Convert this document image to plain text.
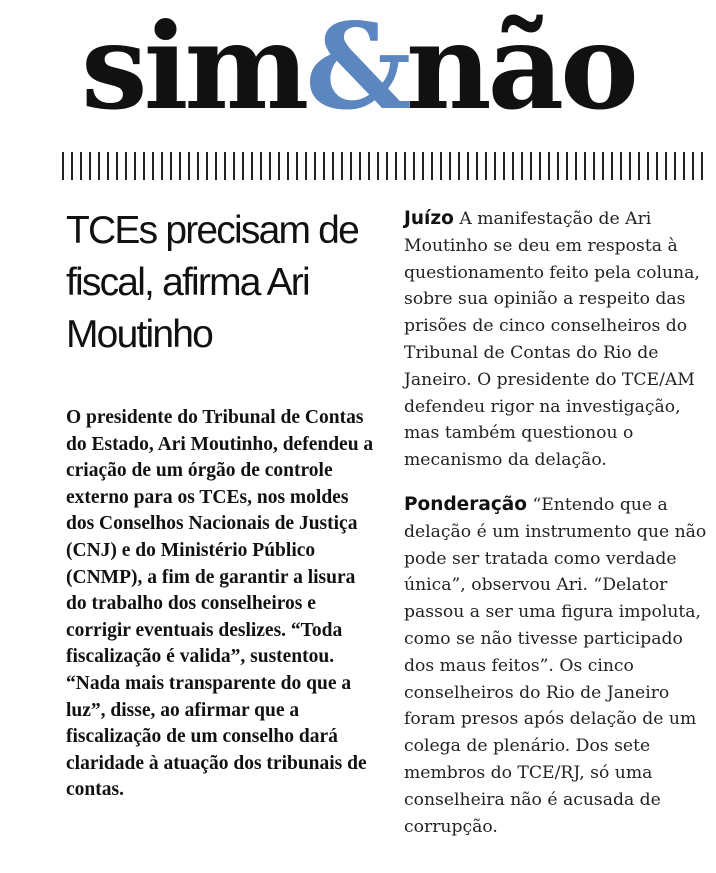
sim&não
TCEs precisam de fiscal, afirma Ari Moutinho

O presidente do Tribunal de Contas do Estado, Ari Moutinho, defendeu a criação de um órgão de controle externo para os TCEs, nos moldes dos Conselhos Nacionais de Justiça (CNJ) e do Ministério Público (CNMP), a fim de garantir a lisura do trabalho dos conselheiros e corrigir eventuais deslizes. “Toda fiscalização é valida”, sustentou. “Nada mais transparente do que a luz”, disse, ao afirmar que a fiscalização de um conselho dará claridade à atuação dos tribunais de contas.

Juízo A manifestação de Ari Moutinho se deu em resposta à questionamento feito pela coluna, sobre sua opinião a respeito das prisões de cinco conselheiros do Tribunal de Contas do Rio de Janeiro. O presidente do TCE/AM defendeu rigor na investigação, mas também questionou o mecanismo da delação.

Ponderação “Entendo que a delação é um instrumento que não pode ser tratada como verdade única”, observou Ari. “Delator passou a ser uma figura impoluta, como se não tivesse participado dos maus feitos”. Os cinco conselheiros do Rio de Janeiro foram presos após delação de um colega de plenário. Dos sete membros do TCE/RJ, só uma conselheira não é acusada de corrupção.
